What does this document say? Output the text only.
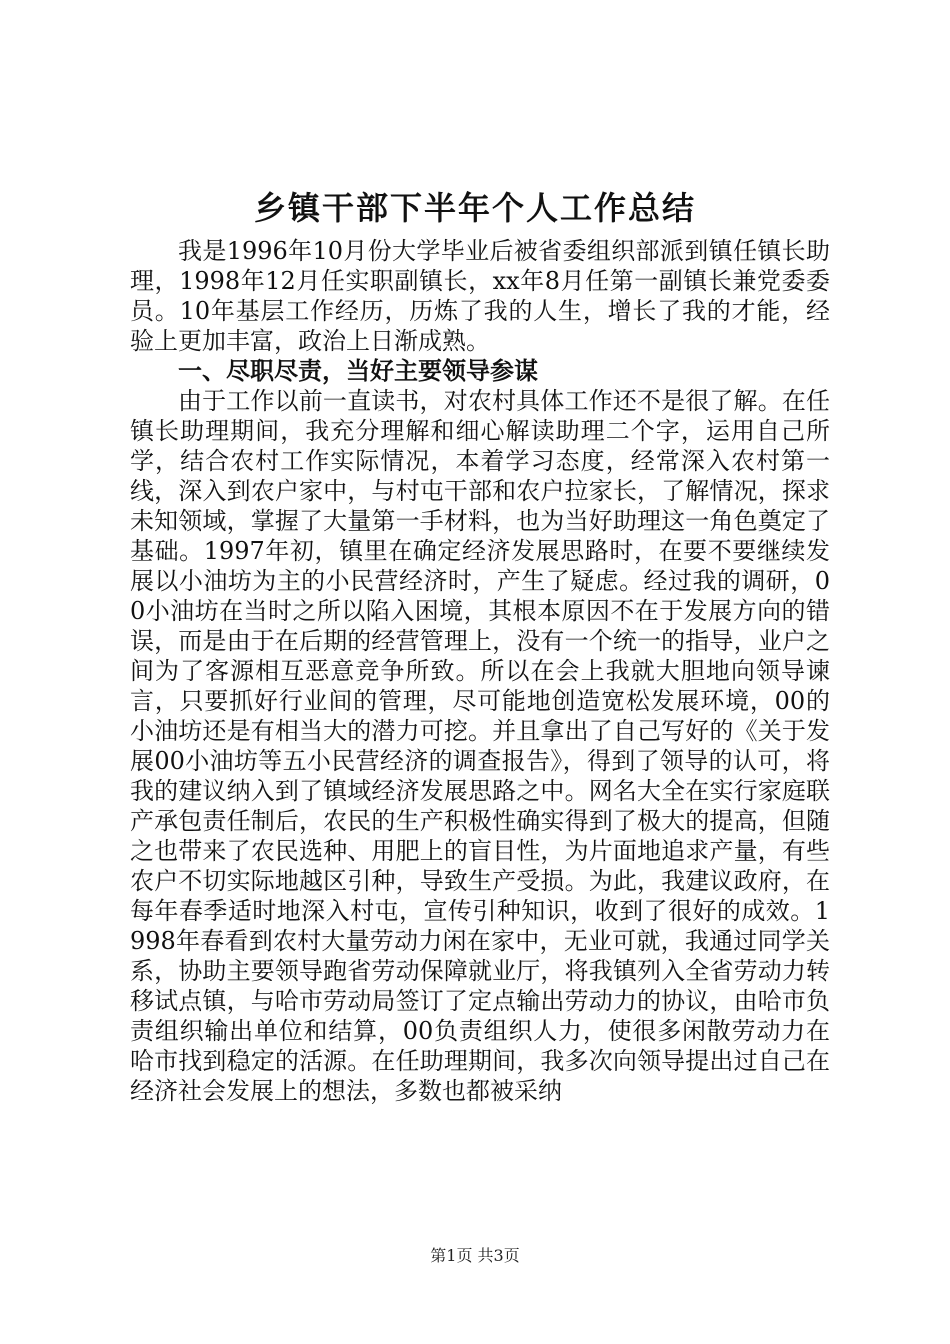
乡镇干部下半年个人工作总结

我是1996年10月份大学毕业后被省委组织部派到镇任镇长助理，1998年12月任实职副镇长，xx年8月任第一副镇长兼党委委员。10年基层工作经历，历炼了我的人生，增长了我的才能，经验上更加丰富，政治上日渐成熟。

一、尽职尽责，当好主要领导参谋

由于工作以前一直读书，对农村具体工作还不是很了解。在任镇长助理期间，我充分理解和细心解读助理二个字，运用自己所学，结合农村工作实际情况，本着学习态度，经常深入农村第一线，深入到农户家中，与村屯干部和农户拉家长，了解情况，探求未知领域，掌握了大量第一手材料，也为当好助理这一角色奠定了基础。1997年初，镇里在确定经济发展思路时，在要不要继续发展以小油坊为主的小民营经济时，产生了疑虑。经过我的调研，00小油坊在当时之所以陷入困境，其根本原因不在于发展方向的错误，而是由于在后期的经营管理上，没有一个统一的指导，业户之间为了客源相互恶意竞争所致。所以在会上我就大胆地向领导谏言，只要抓好行业间的管理，尽可能地创造宽松发展环境，00的小油坊还是有相当大的潜力可挖。并且拿出了自己写好的《关于发展00小油坊等五小民营经济的调查报告》，得到了领导的认可，将我的建议纳入到了镇域经济发展思路之中。网名大全在实行家庭联产承包责任制后，农民的生产积极性确实得到了极大的提高，但随之也带来了农民选种、用肥上的盲目性，为片面地追求产量，有些农户不切实际地越区引种，导致生产受损。为此，我建议政府，在每年春季适时地深入村屯，宣传引种知识，收到了很好的成效。1998年春看到农村大量劳动力闲在家中，无业可就，我通过同学关系，协助主要领导跑省劳动保障就业厅，将我镇列入全省劳动力转移试点镇，与哈市劳动局签订了定点输出劳动力的协议，由哈市负责组织输出单位和结算，00负责组织人力，使很多闲散劳动力在哈市找到稳定的活源。在任助理期间，我多次向领导提出过自己在经济社会发展上的想法，多数也都被采纳

第1页 共3页
